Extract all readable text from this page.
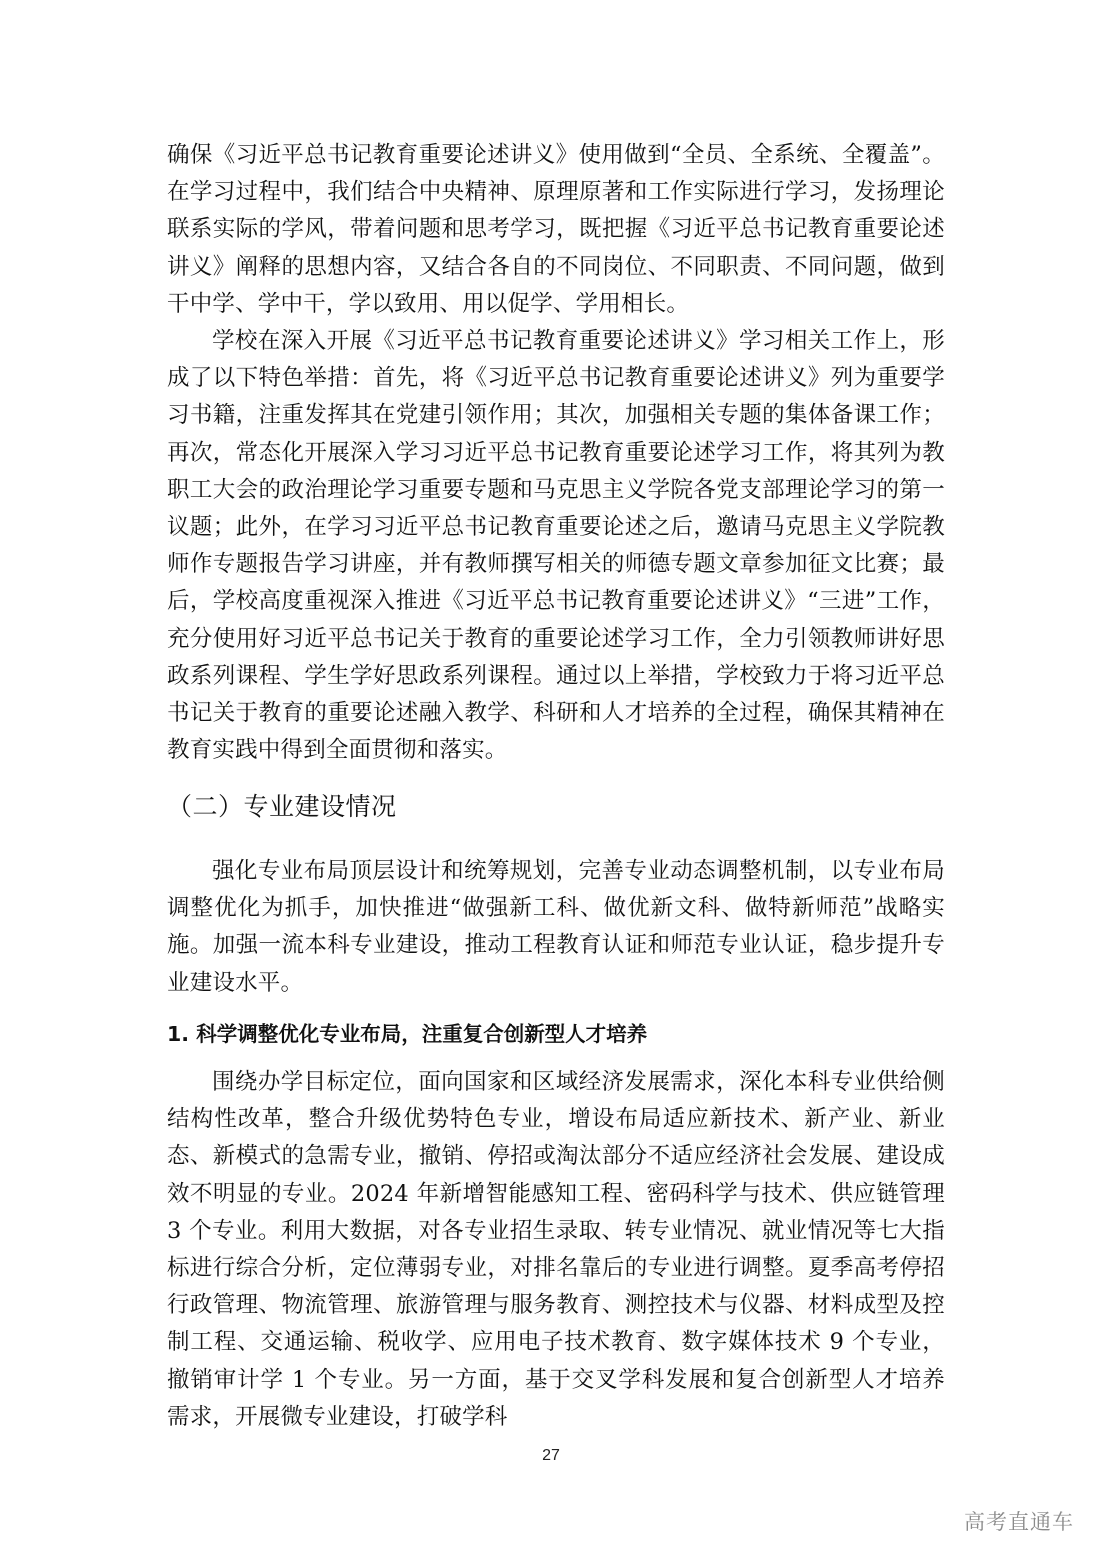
确保《习近平总书记教育重要论述讲义》使用做到“全员、全系统、全覆盖”。在学习过程中，我们结合中央精神、原理原著和工作实际进行学习，发扬理论联系实际的学风，带着问题和思考学习，既把握《习近平总书记教育重要论述讲义》阐释的思想内容，又结合各自的不同岗位、不同职责、不同问题，做到干中学、学中干，学以致用、用以促学、学用相长。

学校在深入开展《习近平总书记教育重要论述讲义》学习相关工作上，形成了以下特色举措：首先，将《习近平总书记教育重要论述讲义》列为重要学习书籍，注重发挥其在党建引领作用；其次，加强相关专题的集体备课工作；再次，常态化开展深入学习习近平总书记教育重要论述学习工作，将其列为教职工大会的政治理论学习重要专题和马克思主义学院各党支部理论学习的第一议题；此外，在学习习近平总书记教育重要论述之后，邀请马克思主义学院教师作专题报告学习讲座，并有教师撰写相关的师德专题文章参加征文比赛；最后，学校高度重视深入推进《习近平总书记教育重要论述讲义》“三进”工作，充分使用好习近平总书记关于教育的重要论述学习工作，全力引领教师讲好思政系列课程、学生学好思政系列课程。通过以上举措，学校致力于将习近平总书记关于教育的重要论述融入教学、科研和人才培养的全过程，确保其精神在教育实践中得到全面贯彻和落实。

（二）专业建设情况

强化专业布局顶层设计和统筹规划，完善专业动态调整机制，以专业布局调整优化为抓手，加快推进“做强新工科、做优新文科、做特新师范”战略实施。加强一流本科专业建设，推动工程教育认证和师范专业认证，稳步提升专业建设水平。

1. 科学调整优化专业布局，注重复合创新型人才培养

围绕办学目标定位，面向国家和区域经济发展需求，深化本科专业供给侧结构性改革，整合升级优势特色专业，增设布局适应新技术、新产业、新业态、新模式的急需专业，撤销、停招或淘汰部分不适应经济社会发展、建设成效不明显的专业。2024 年新增智能感知工程、密码科学与技术、供应链管理 3 个专业。利用大数据，对各专业招生录取、转专业情况、就业情况等七大指标进行综合分析，定位薄弱专业，对排名靠后的专业进行调整。夏季高考停招行政管理、物流管理、旅游管理与服务教育、测控技术与仪器、材料成型及控制工程、交通运输、税收学、应用电子技术教育、数字媒体技术 9 个专业，撤销审计学 1 个专业。另一方面，基于交叉学科发展和复合创新型人才培养需求，开展微专业建设，打破学科

27
高考直通车
